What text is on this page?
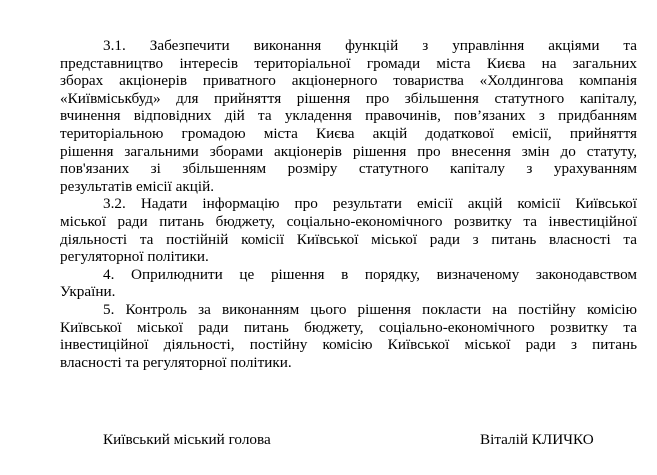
3.1. Забезпечити виконання функцій з управління акціями та
представництво інтересів територіальної громади міста Києва на загальних
зборах акціонерів приватного акціонерного товариства «Холдингова компанія
«Київміськбуд» для прийняття рішення про збільшення статутного капіталу,
вчинення відповідних дій та укладення правочинів, пов’язаних з придбанням
територіальною громадою міста Києва акцій додаткової емісії, прийняття
рішення загальними зборами акціонерів рішення про внесення змін до статуту,
пов'язаних зі збільшенням розміру статутного капіталу з урахуванням
результатів емісії акцій.
3.2. Надати інформацію про результати емісії акцій комісії Київської
міської ради питань бюджету, соціально-економічного розвитку та інвестиційної
діяльності та постійній комісії Київської міської ради з питань власності та
регуляторної політики.
4. Оприлюднити це рішення в порядку, визначеному законодавством
України.
5. Контроль за виконанням цього рішення покласти на постійну комісію
Київської міської ради питань бюджету, соціально-економічного розвитку та
інвестиційної діяльності, постійну комісію Київської міської ради з питань
власності та регуляторної політики.
Київський міський голова	Віталій КЛИЧКО
